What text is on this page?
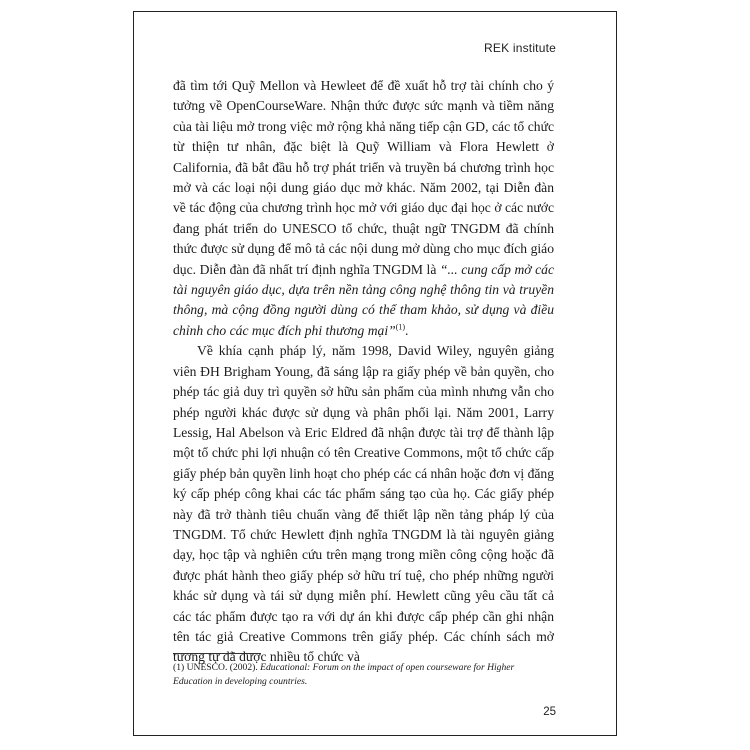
REK institute

đã tìm tới Quỹ Mellon và Hewleet để đề xuất hỗ trợ tài chính cho ý tưởng về OpenCourseWare. Nhận thức được sức mạnh và tiềm năng của tài liệu mở trong việc mở rộng khả năng tiếp cận GD, các tổ chức từ thiện tư nhân, đặc biệt là Quỹ William và Flora Hewlett ở California, đã bắt đầu hỗ trợ phát triển và truyền bá chương trình học mở và các loại nội dung giáo dục mở khác. Năm 2002, tại Diễn đàn về tác động của chương trình học mở với giáo dục đại học ở các nước đang phát triển do UNESCO tổ chức, thuật ngữ TNGDM đã chính thức được sử dụng để mô tả các nội dung mở dùng cho mục đích giáo dục. Diễn đàn đã nhất trí định nghĩa TNGDM là “... cung cấp mở các tài nguyên giáo dục, dựa trên nền tảng công nghệ thông tin và truyền thông, mà cộng đồng người dùng có thể tham khảo, sử dụng và điều chỉnh cho các mục đích phi thương mại”$^{(1)}$.

Về khía cạnh pháp lý, năm 1998, David Wiley, nguyên giảng viên ĐH Brigham Young, đã sáng lập ra giấy phép về bản quyền, cho phép tác giả duy trì quyền sở hữu sản phẩm của mình nhưng vẫn cho phép người khác được sử dụng và phân phối lại. Năm 2001, Larry Lessig, Hal Abelson và Eric Eldred đã nhận được tài trợ để thành lập một tổ chức phi lợi nhuận có tên Creative Commons, một tổ chức cấp giấy phép bản quyền linh hoạt cho phép các cá nhân hoặc đơn vị đăng ký cấp phép công khai các tác phẩm sáng tạo của họ. Các giấy phép này đã trở thành tiêu chuẩn vàng để thiết lập nền tảng pháp lý của TNGDM. Tổ chức Hewlett định nghĩa TNGDM là tài nguyên giảng dạy, học tập và nghiên cứu trên mạng trong miền công cộng hoặc đã được phát hành theo giấy phép sở hữu trí tuệ, cho phép những người khác sử dụng và tái sử dụng miễn phí. Hewlett cũng yêu cầu tất cả các tác phẩm được tạo ra với dự án khi được cấp phép cần ghi nhận tên tác giả Creative Commons trên giấy phép. Các chính sách mở tương tự đã được nhiều tổ chức và

(1) UNESCO. (2002). Educational: Forum on the impact of open courseware for Higher Education in developing countries.
25
